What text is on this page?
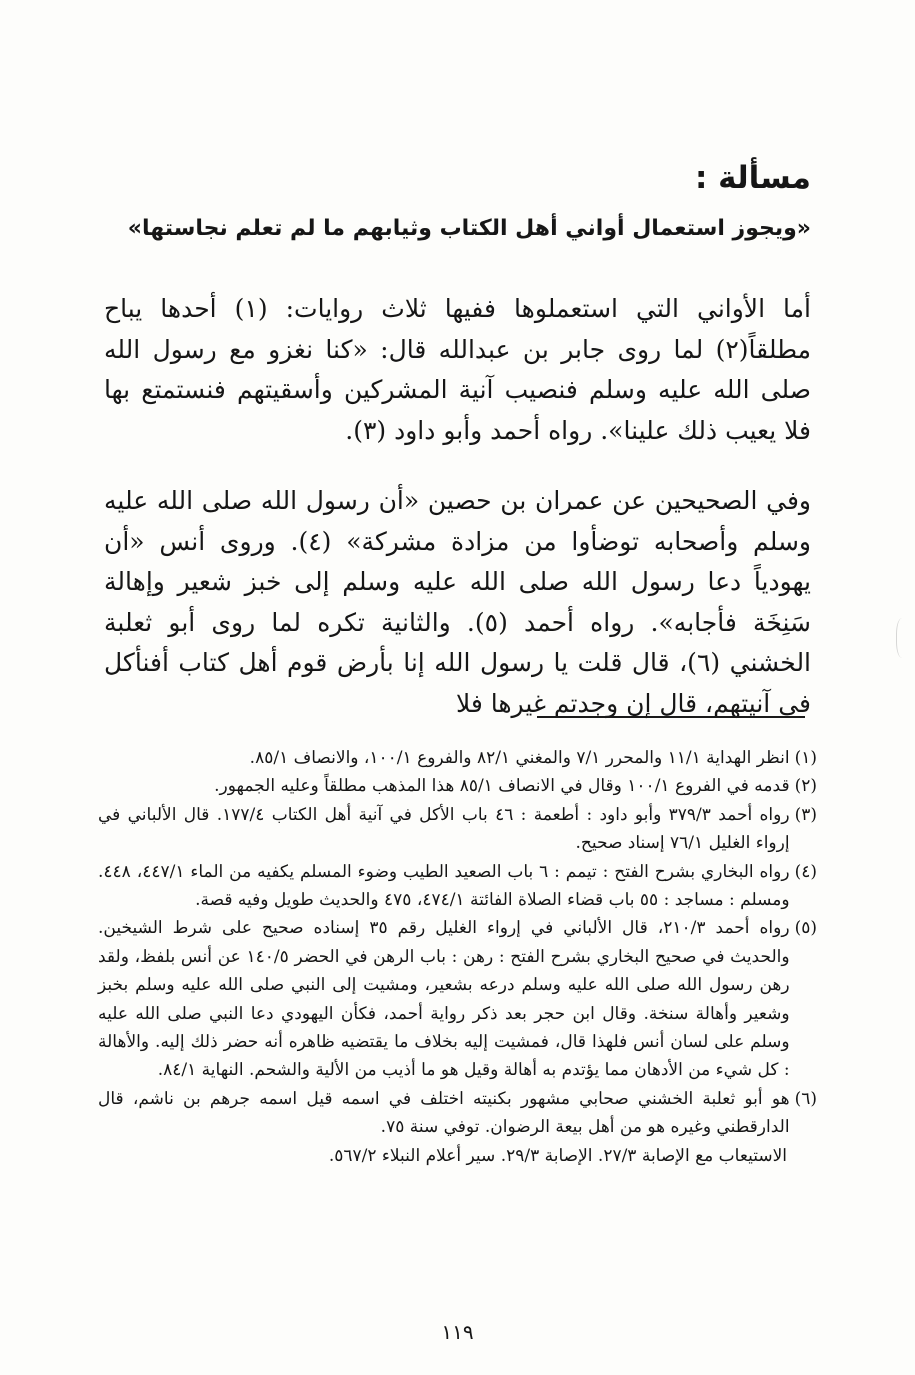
مسألة :
«ويجوز استعمال أواني أهل الكتاب وثيابهم ما لم تعلم نجاستها»

أما الأواني التي استعملوها ففيها ثلاث روايات: (١) أحدها يباح مطلقاً(٢) لما روى جابر بن عبدالله قال: «كنا نغزو مع رسول الله صلى الله عليه وسلم فنصيب آنية المشركين وأسقيتهم فنستمتع بها فلا يعيب ذلك علينا». رواه أحمد وأبو داود (٣).

وفي الصحيحين عن عمران بن حصين «أن رسول الله صلى الله عليه وسلم وأصحابه توضأوا من مزادة مشركة» (٤). وروى أنس «أن يهودياً دعا رسول الله صلى الله عليه وسلم إلى خبز شعير وإهالة سَنِخَة فأجابه». رواه أحمد (٥). والثانية تكره لما روى أبو ثعلبة الخشني (٦)، قال قلت يا رسول الله إنا بأرض قوم أهل كتاب أفنأكل في آنيتهم، قال إن وجدتم غيرها فلا

(١)
انظر الهداية ١١/١ والمحرر ٧/١ والمغني ٨٢/١ والفروع ١٠٠/١، والانصاف ٨٥/١.
(٢)
قدمه في الفروع ١٠٠/١ وقال في الانصاف ٨٥/١ هذا المذهب مطلقاً وعليه الجمهور.
(٣)
رواه أحمد ٣٧٩/٣ وأبو داود : أطعمة : ٤٦ باب الأكل في آنية أهل الكتاب ١٧٧/٤. قال الألباني في إرواء الغليل ٧٦/١ إسناد صحيح.
(٤)
رواه البخاري بشرح الفتح : تيمم : ٦ باب الصعيد الطيب وضوء المسلم يكفيه من الماء ٤٤٧/١، ٤٤٨. ومسلم : مساجد : ٥٥ باب قضاء الصلاة الفائتة ٤٧٤/١، ٤٧٥ والحديث طويل وفيه قصة.
(٥)
رواه أحمد ٢١٠/٣، قال الألباني في إرواء الغليل رقم ٣٥ إسناده صحيح على شرط الشيخين. والحديث في صحيح البخاري بشرح الفتح : رهن : باب الرهن في الحضر ١٤٠/٥ عن أنس بلفظ، ولقد رهن رسول الله صلى الله عليه وسلم درعه بشعير، ومشيت إلى النبي صلى الله عليه وسلم بخبز وشعير وأهالة سنخة. وقال ابن حجر بعد ذكر رواية أحمد، فكأن اليهودي دعا النبي صلى الله عليه وسلم على لسان أنس فلهذا قال، فمشيت إليه بخلاف ما يقتضيه ظاهره أنه حضر ذلك إليه. والأهالة : كل شيء من الأدهان مما يؤتدم به أهالة وقيل هو ما أذيب من الألية والشحم. النهاية ٨٤/١.
(٦)
هو أبو ثعلبة الخشني صحابي مشهور بكنيته اختلف في اسمه قيل اسمه جرهم بن ناشم، قال الدارقطني وغيره هو من أهل بيعة الرضوان. توفي سنة ٧٥.
الاستيعاب مع الإصابة ٢٧/٣. الإصابة ٢٩/٣. سير أعلام النبلاء ٥٦٧/٢.
١١٩
